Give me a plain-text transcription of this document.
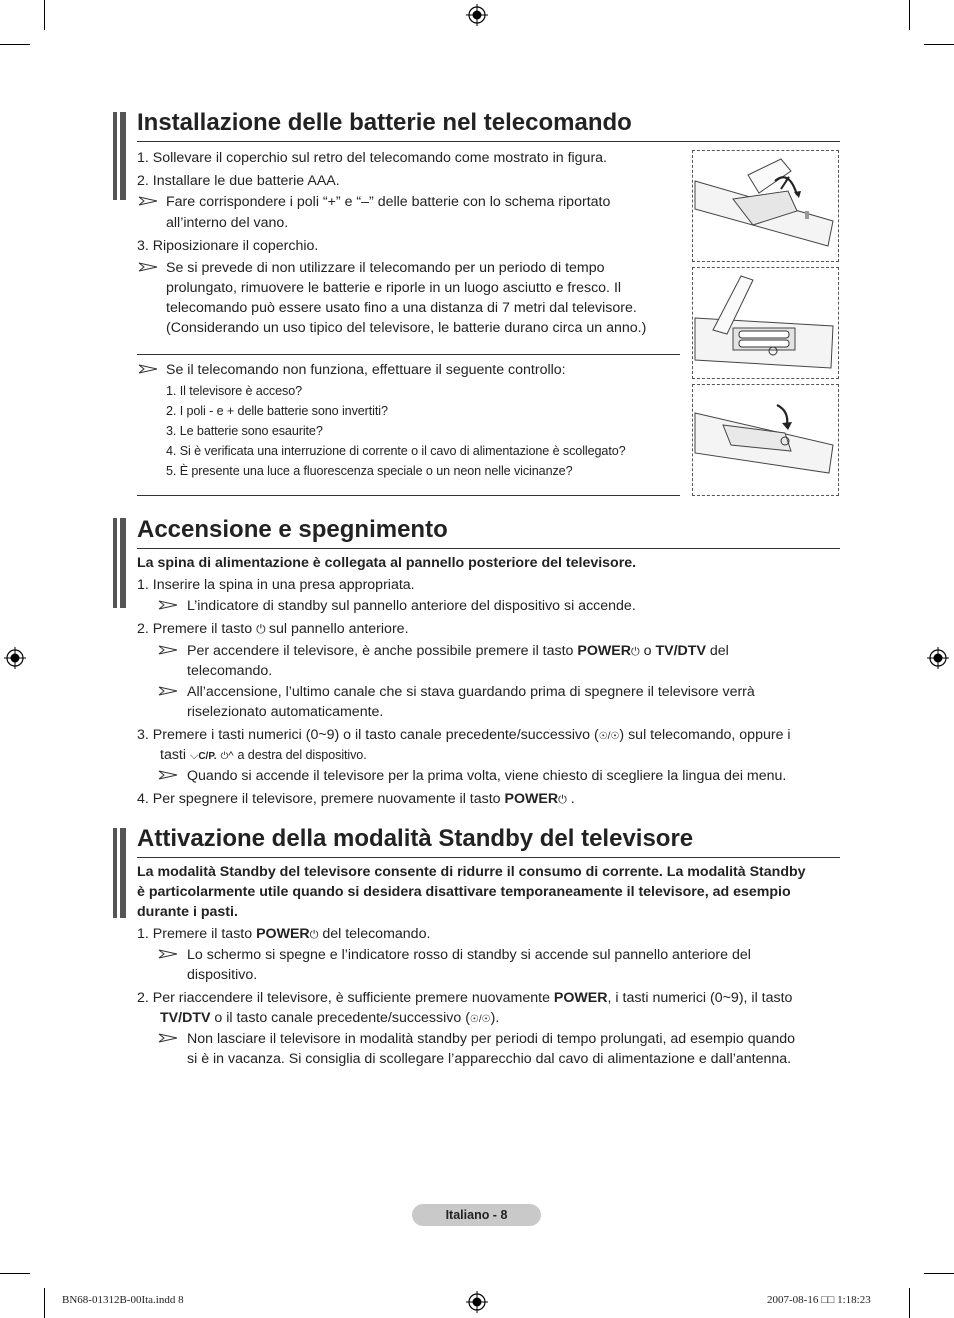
Installazione delle batterie nel telecomando
1. Sollevare il coperchio sul retro del telecomando come mostrato in figura.
2. Installare le due batterie AAA.
Fare corrispondere i poli “+” e “–” delle batterie con lo schema riportato
all’interno del vano.
3. Riposizionare il coperchio.
Se si prevede di non utilizzare il telecomando per un periodo di tempo
prolungato, rimuovere le batterie e riporle in un luogo asciutto e fresco. Il
telecomando può essere usato fino a una distanza di 7 metri dal televisore.
(Considerando un uso tipico del televisore, le batterie durano circa un anno.)
Se il telecomando non funziona, effettuare il seguente controllo:
1. Il televisore è acceso?
2. I poli - e + delle batterie sono invertiti?
3. Le batterie sono esaurite?
4. Si è verificata una interruzione di corrente o il cavo di alimentazione è scollegato?
5. È presente una luce a fluorescenza speciale o un neon nelle vicinanze?
Accensione e spegnimento
La spina di alimentazione è collegata al pannello posteriore del televisore.
1. Inserire la spina in una presa appropriata.
L’indicatore di standby sul pannello anteriore del dispositivo si accende.
2. Premere il tasto ⏻ sul pannello anteriore.
Per accendere il televisore, è anche possibile premere il tasto POWER⏻ o TV/DTV del
telecomando.
All’accensione, l’ultimo canale che si stava guardando prima di spegnere il televisore verrà
riselezionato automaticamente.
3. Premere i tasti numerici (0~9) o il tasto canale precedente/successivo (☉/☉) sul telecomando, oppure i
tasti ⌵C/P. ⏻^ a destra del dispositivo.
Quando si accende il televisore per la prima volta, viene chiesto di scegliere la lingua dei menu.
4. Per spegnere il televisore, premere nuovamente il tasto POWER⏻ .
Attivazione della modalità Standby del televisore
La modalità Standby del televisore consente di ridurre il consumo di corrente. La modalità Standby
è particolarmente utile quando si desidera disattivare temporaneamente il televisore, ad esempio
durante i pasti.
1. Premere il tasto POWER⏻ del telecomando.
Lo schermo si spegne e l’indicatore rosso di standby si accende sul pannello anteriore del
dispositivo.
2. Per riaccendere il televisore, è sufficiente premere nuovamente POWER, i tasti numerici (0~9), il tasto
TV/DTV o il tasto canale precedente/successivo (☉/☉).
Non lasciare il televisore in modalità standby per periodi di tempo prolungati, ad esempio quando
si è in vacanza. Si consiglia di scollegare l’apparecchio dal cavo di alimentazione e dall’antenna.
Italiano - 8
BN68-01312B-00Ita.indd 8	2007-08-16 □□ 1:18:23
